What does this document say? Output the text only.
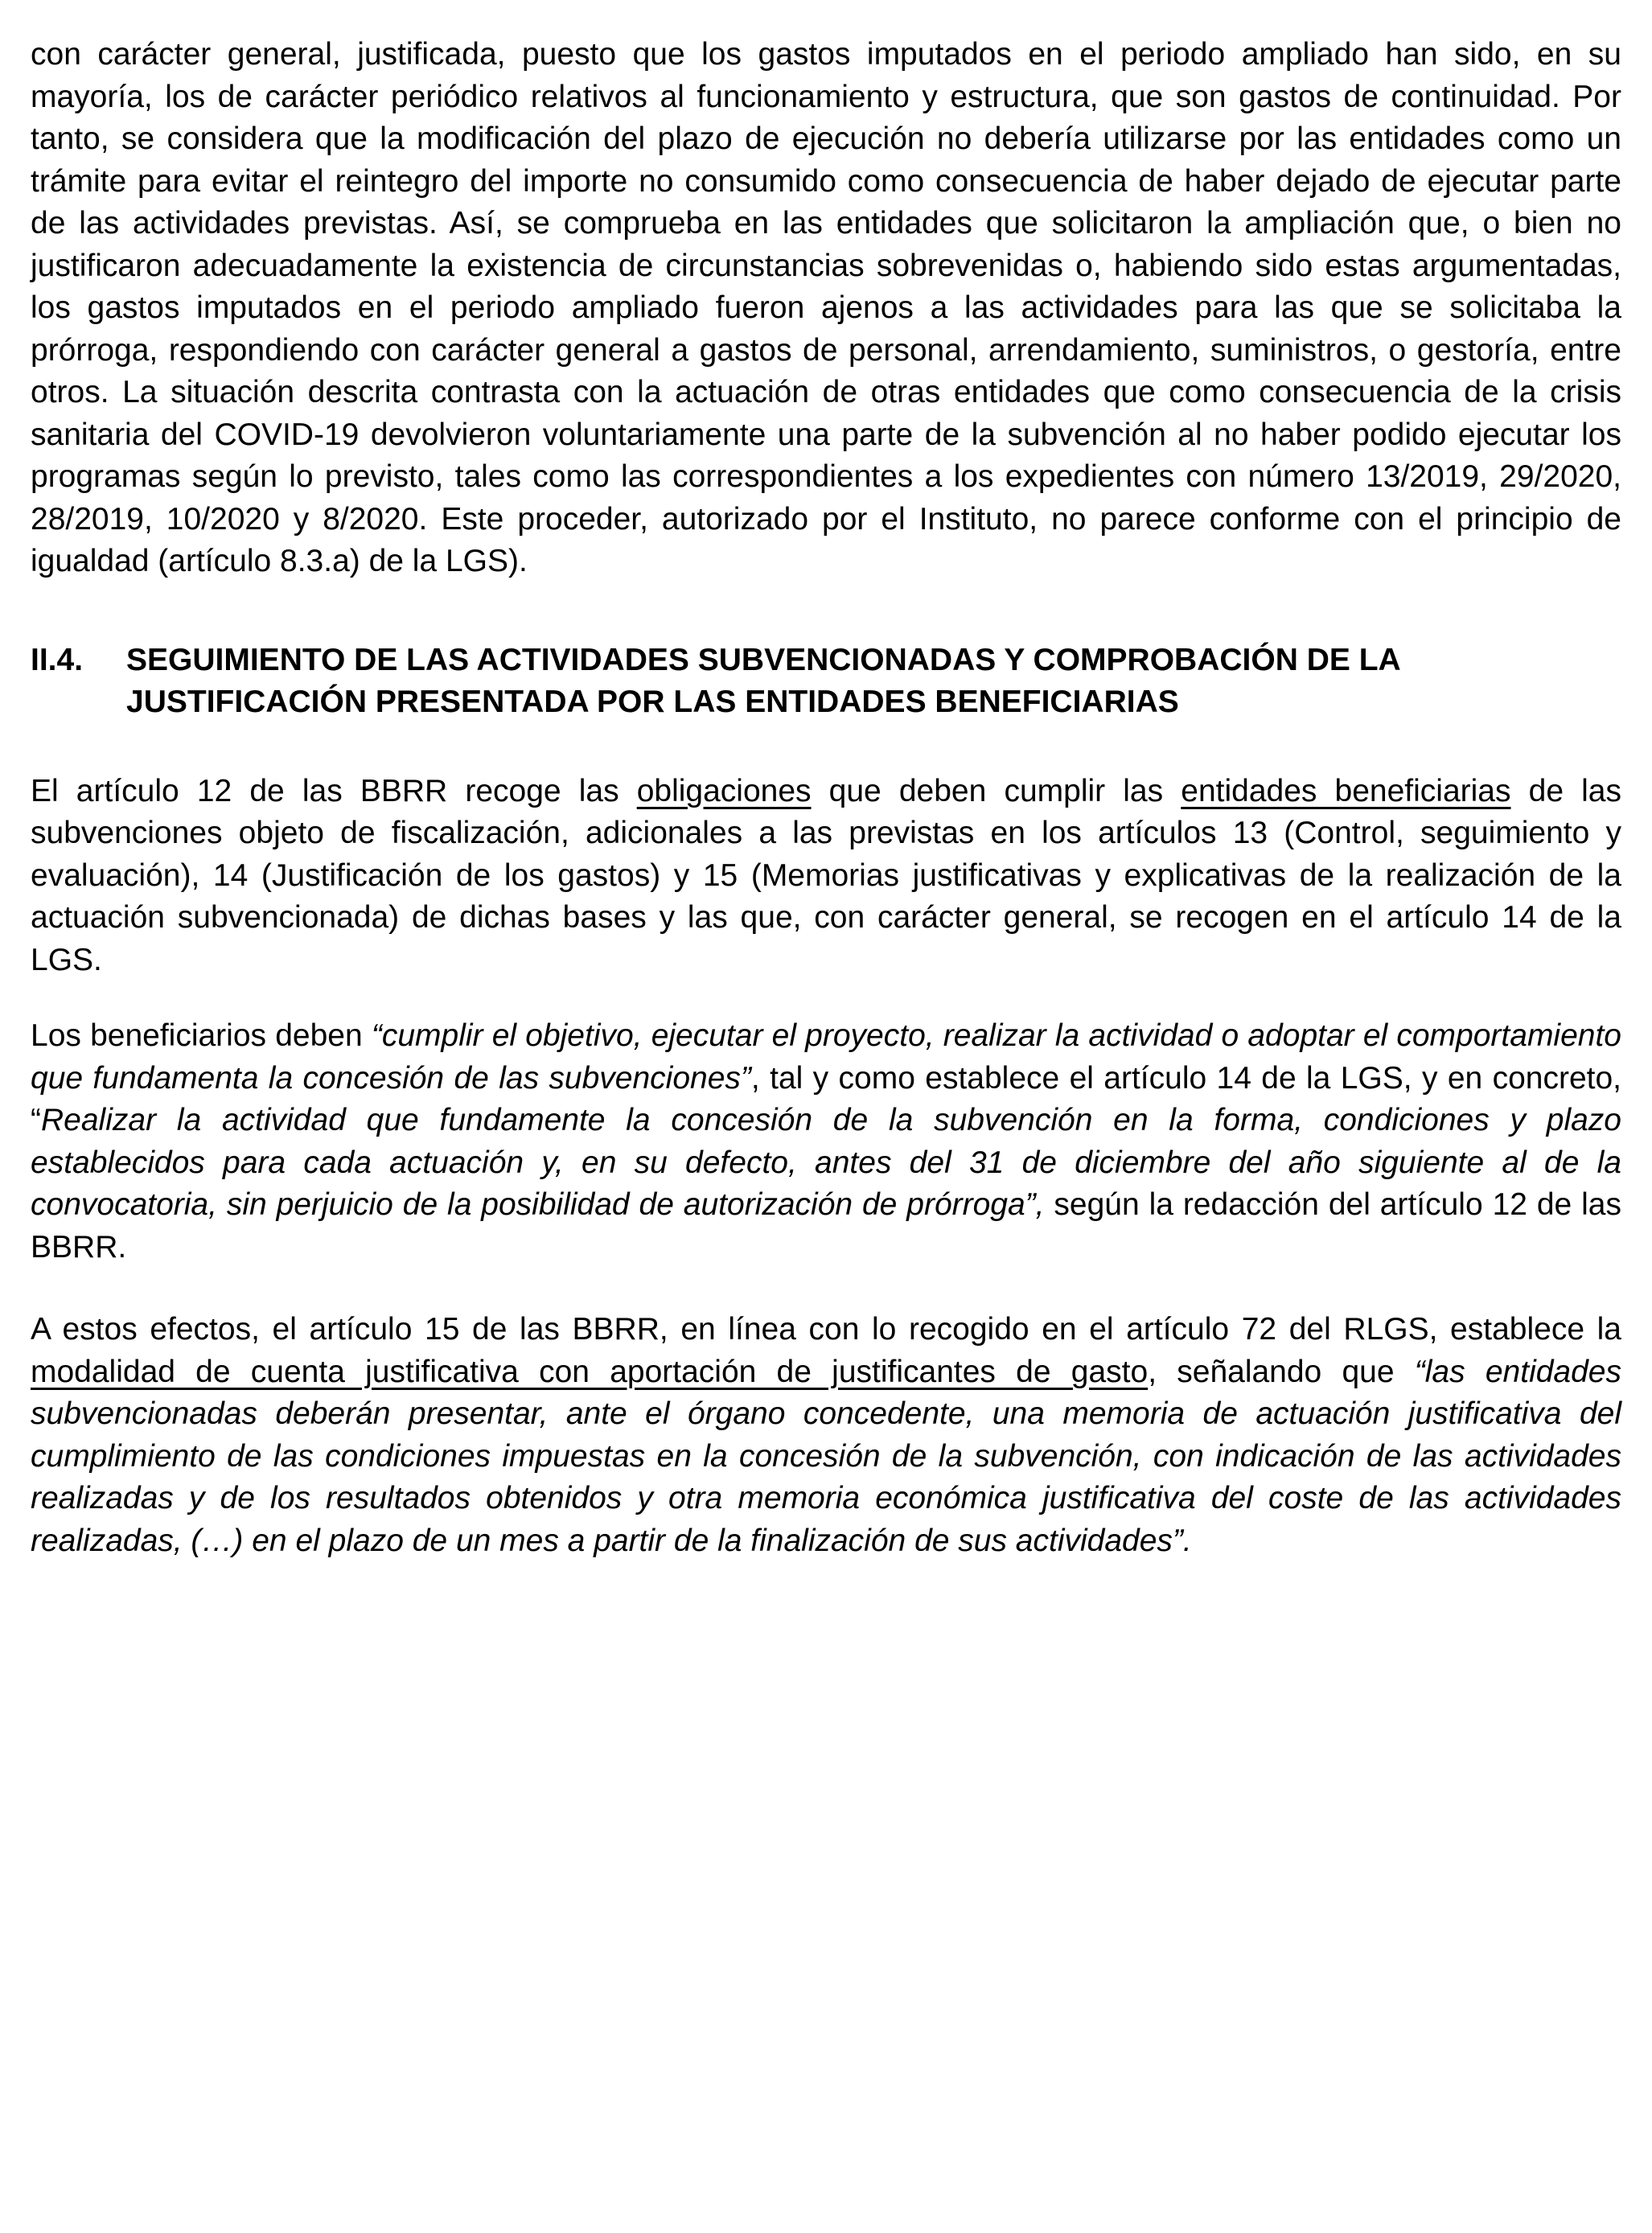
con carácter general, justificada, puesto que los gastos imputados en el periodo ampliado han sido, en su mayoría, los de carácter periódico relativos al funcionamiento y estructura, que son gastos de continuidad. Por tanto, se considera que la modificación del plazo de ejecución no debería utilizarse por las entidades como un trámite para evitar el reintegro del importe no consumido como consecuencia de haber dejado de ejecutar parte de las actividades previstas. Así, se comprueba en las entidades que solicitaron la ampliación que, o bien no justificaron adecuadamente la existencia de circunstancias sobrevenidas o, habiendo sido estas argumentadas, los gastos imputados en el periodo ampliado fueron ajenos a las actividades para las que se solicitaba la prórroga, respondiendo con carácter general a gastos de personal, arrendamiento, suministros, o gestoría, entre otros. La situación descrita contrasta con la actuación de otras entidades que como consecuencia de la crisis sanitaria del COVID-19 devolvieron voluntariamente una parte de la subvención al no haber podido ejecutar los programas según lo previsto, tales como las correspondientes a los expedientes con número 13/2019, 29/2020, 28/2019, 10/2020 y 8/2020. Este proceder, autorizado por el Instituto, no parece conforme con el principio de igualdad (artículo 8.3.a) de la LGS).

II.4.	SEGUIMIENTO DE LAS ACTIVIDADES SUBVENCIONADAS Y COMPROBACIÓN DE LA JUSTIFICACIÓN PRESENTADA POR LAS ENTIDADES BENEFICIARIAS

El artículo 12 de las BBRR recoge las obligaciones que deben cumplir las entidades beneficiarias de las subvenciones objeto de fiscalización, adicionales a las previstas en los artículos 13 (Control, seguimiento y evaluación), 14 (Justificación de los gastos) y 15 (Memorias justificativas y explicativas de la realización de la actuación subvencionada) de dichas bases y las que, con carácter general, se recogen en el artículo 14 de la LGS.

Los beneficiarios deben “cumplir el objetivo, ejecutar el proyecto, realizar la actividad o adoptar el comportamiento que fundamenta la concesión de las subvenciones”, tal y como establece el artículo 14 de la LGS, y en concreto, “Realizar la actividad que fundamente la concesión de la subvención en la forma, condiciones y plazo establecidos para cada actuación y, en su defecto, antes del 31 de diciembre del año siguiente al de la convocatoria, sin perjuicio de la posibilidad de autorización de prórroga”, según la redacción del artículo 12 de las BBRR.

A estos efectos, el artículo 15 de las BBRR, en línea con lo recogido en el artículo 72 del RLGS, establece la modalidad de cuenta justificativa con aportación de justificantes de gasto, señalando que “las entidades subvencionadas deberán presentar, ante el órgano concedente, una memoria de actuación justificativa del cumplimiento de las condiciones impuestas en la concesión de la subvención, con indicación de las actividades realizadas y de los resultados obtenidos y otra memoria económica justificativa del coste de las actividades realizadas, (…) en el plazo de un mes a partir de la finalización de sus actividades”.
